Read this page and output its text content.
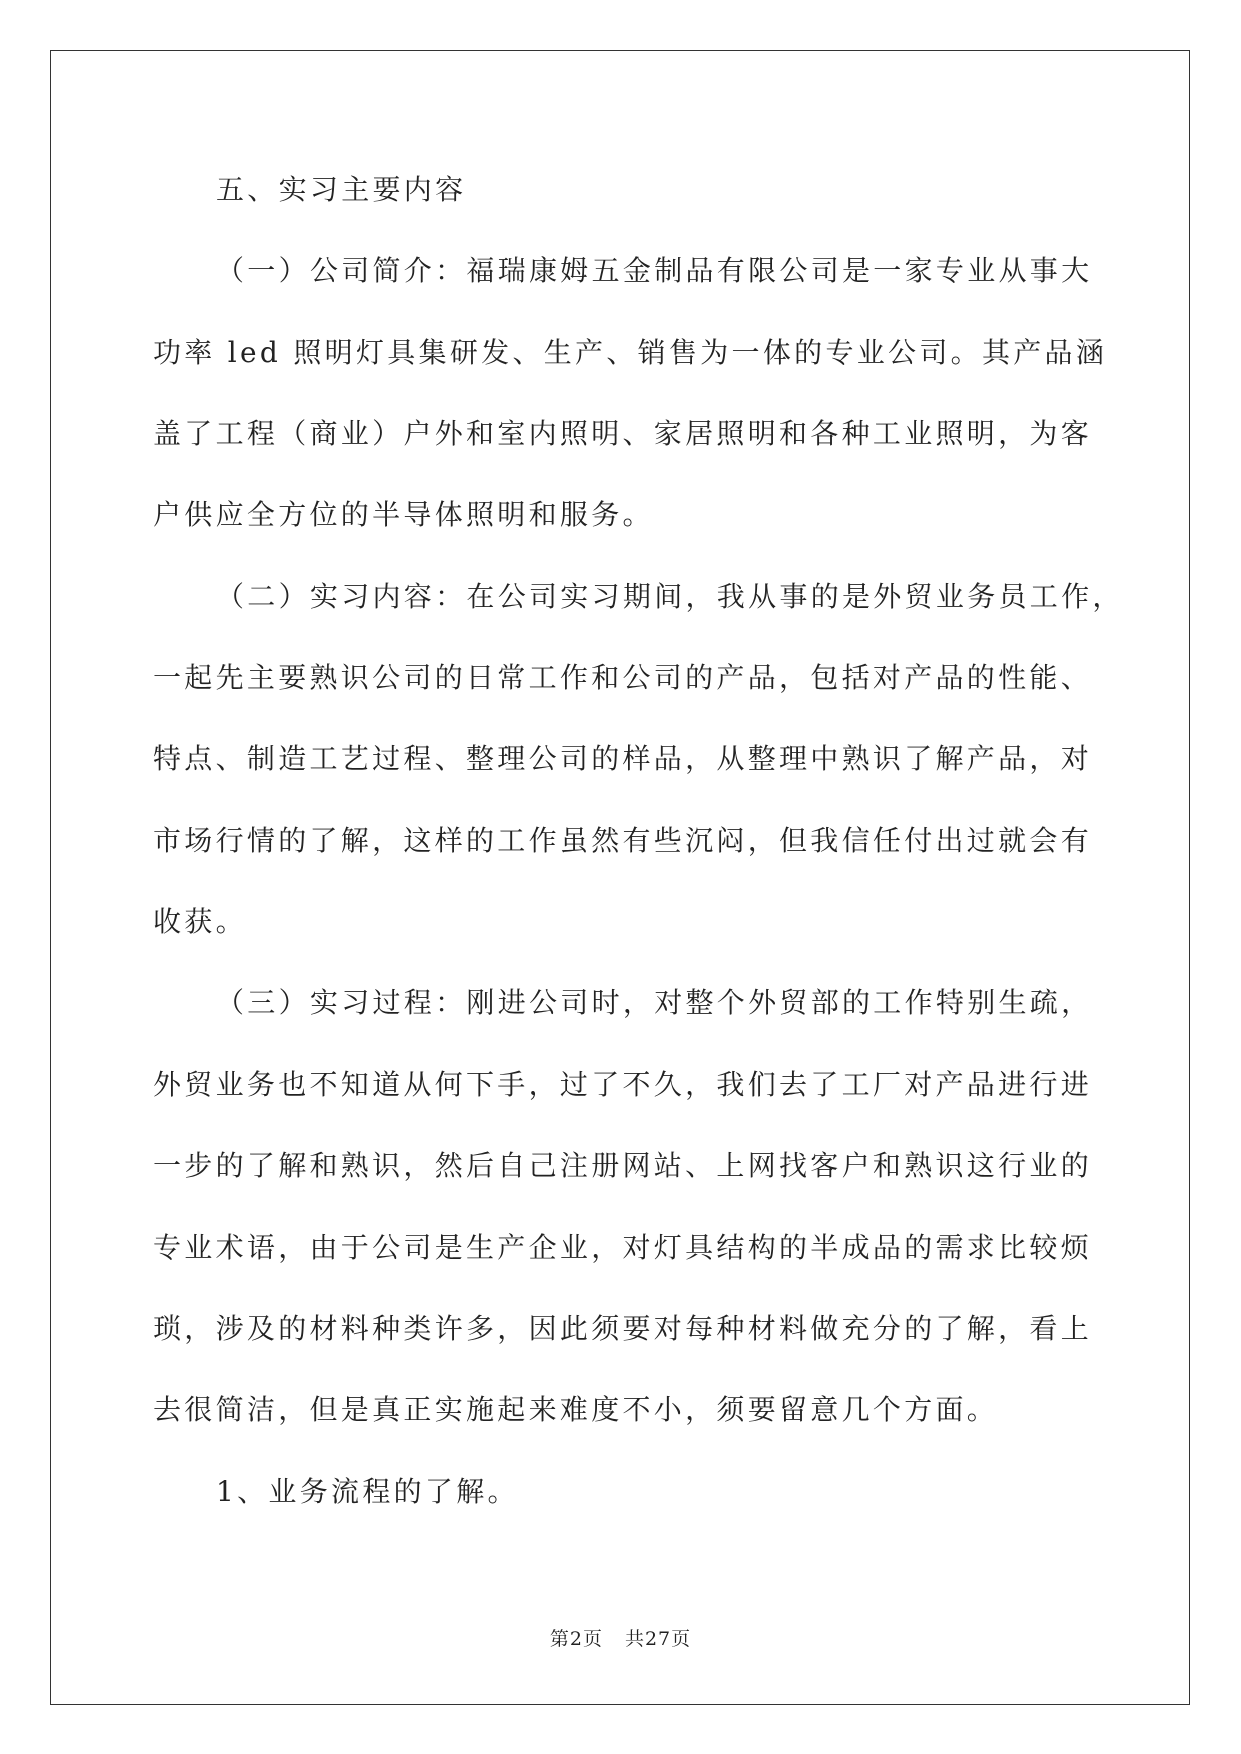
五、实习主要内容
（一）公司简介：福瑞康姆五金制品有限公司是一家专业从事大
功率 led 照明灯具集研发、生产、销售为一体的专业公司。其产品涵
盖了工程（商业）户外和室内照明、家居照明和各种工业照明，为客
户供应全方位的半导体照明和服务。
（二）实习内容：在公司实习期间，我从事的是外贸业务员工作，
一起先主要熟识公司的日常工作和公司的产品，包括对产品的性能、
特点、制造工艺过程、整理公司的样品，从整理中熟识了解产品，对
市场行情的了解，这样的工作虽然有些沉闷，但我信任付出过就会有
收获。
（三）实习过程：刚进公司时，对整个外贸部的工作特别生疏，
外贸业务也不知道从何下手，过了不久，我们去了工厂对产品进行进
一步的了解和熟识，然后自己注册网站、上网找客户和熟识这行业的
专业术语，由于公司是生产企业，对灯具结构的半成品的需求比较烦
琐，涉及的材料种类许多，因此须要对每种材料做充分的了解，看上
去很简洁，但是真正实施起来难度不小，须要留意几个方面。
1、业务流程的了解。
第2页 共27页
